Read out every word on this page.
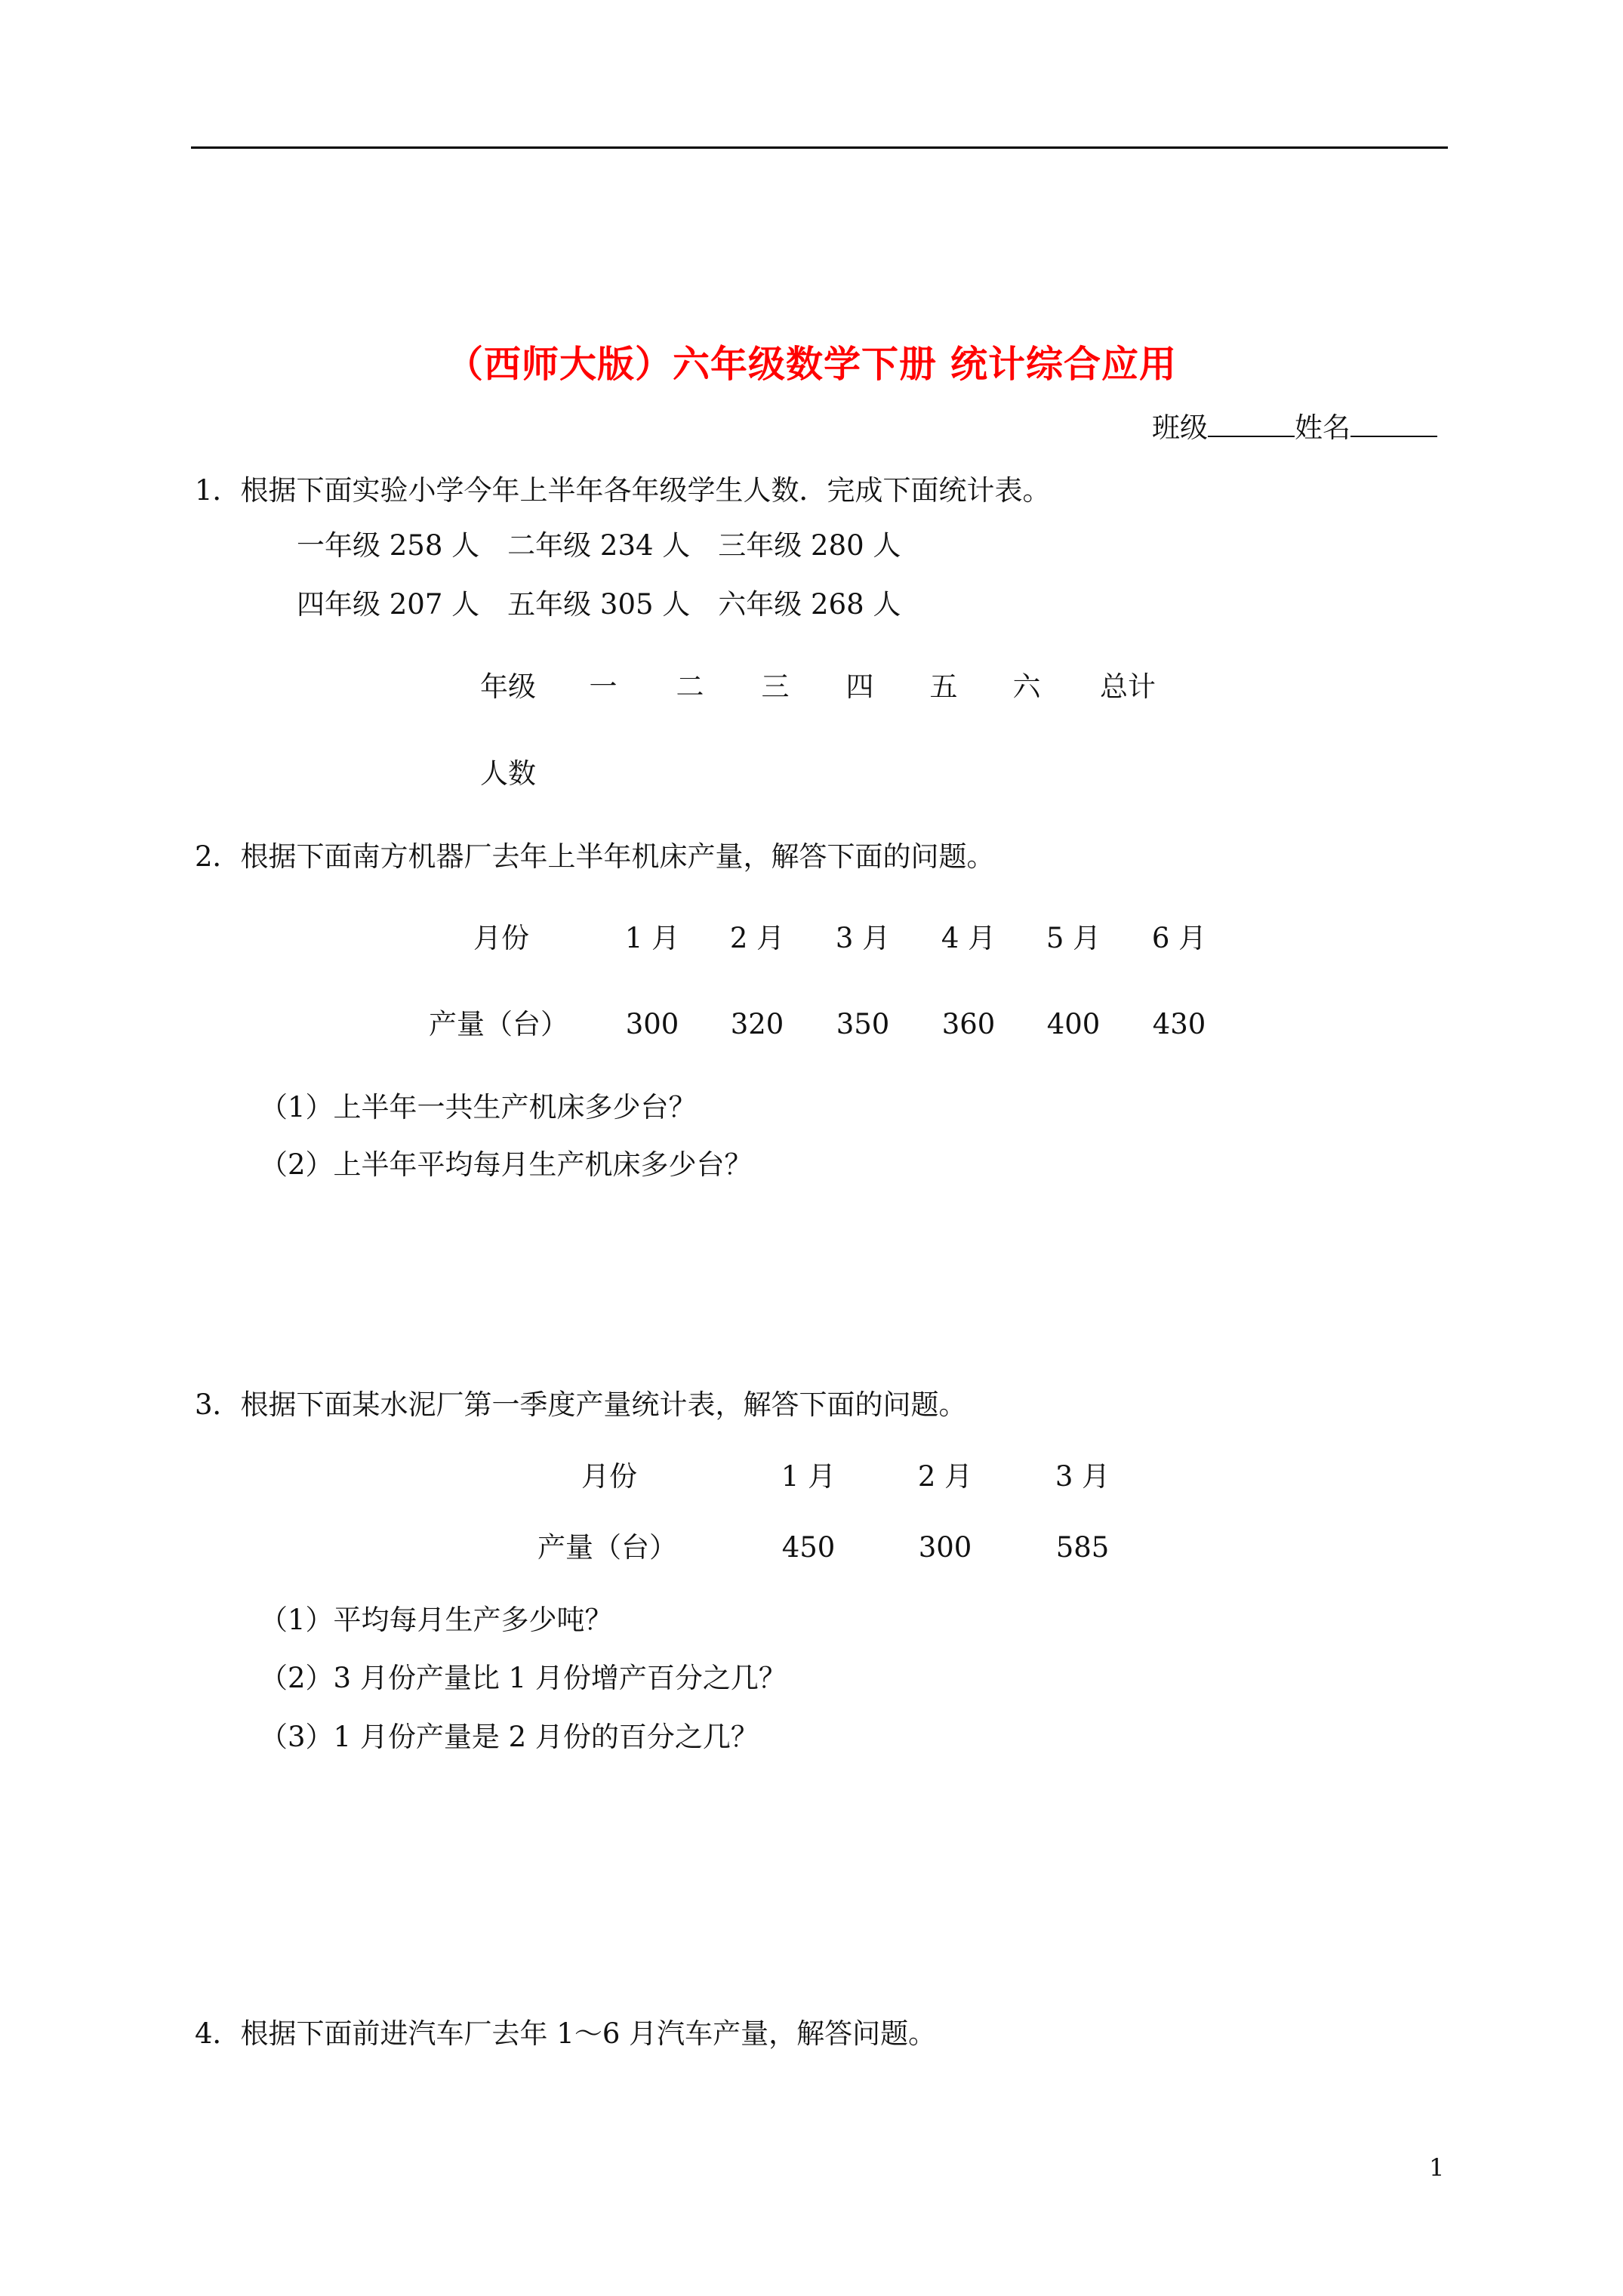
（西师大版）六年级数学下册 统计综合应用
班级	姓名
1．根据下面实验小学今年上半年各年级学生人数．完成下面统计表。
一年级 258 人　二年级 234 人　三年级 280 人
四年级 207 人　五年级 305 人　六年级 268 人
年级 一 二 三 四 五 六 总计
人数
2．根据下面南方机器厂去年上半年机床产量，解答下面的问题。
月份	1 月 2 月 3 月 4 月 5 月 6 月
产量（台） 300 320 350 360 400 430
（1）上半年一共生产机床多少台？
（2）上半年平均每月生产机床多少台？
3．根据下面某水泥厂第一季度产量统计表，解答下面的问题。
月份	1 月	2 月	3 月
产量（台）	450	300	585
（1）平均每月生产多少吨？
（2）3 月份产量比 1 月份增产百分之几？
（3）1 月份产量是 2 月份的百分之几？
4．根据下面前进汽车厂去年 1～6 月汽车产量，解答问题。
1
